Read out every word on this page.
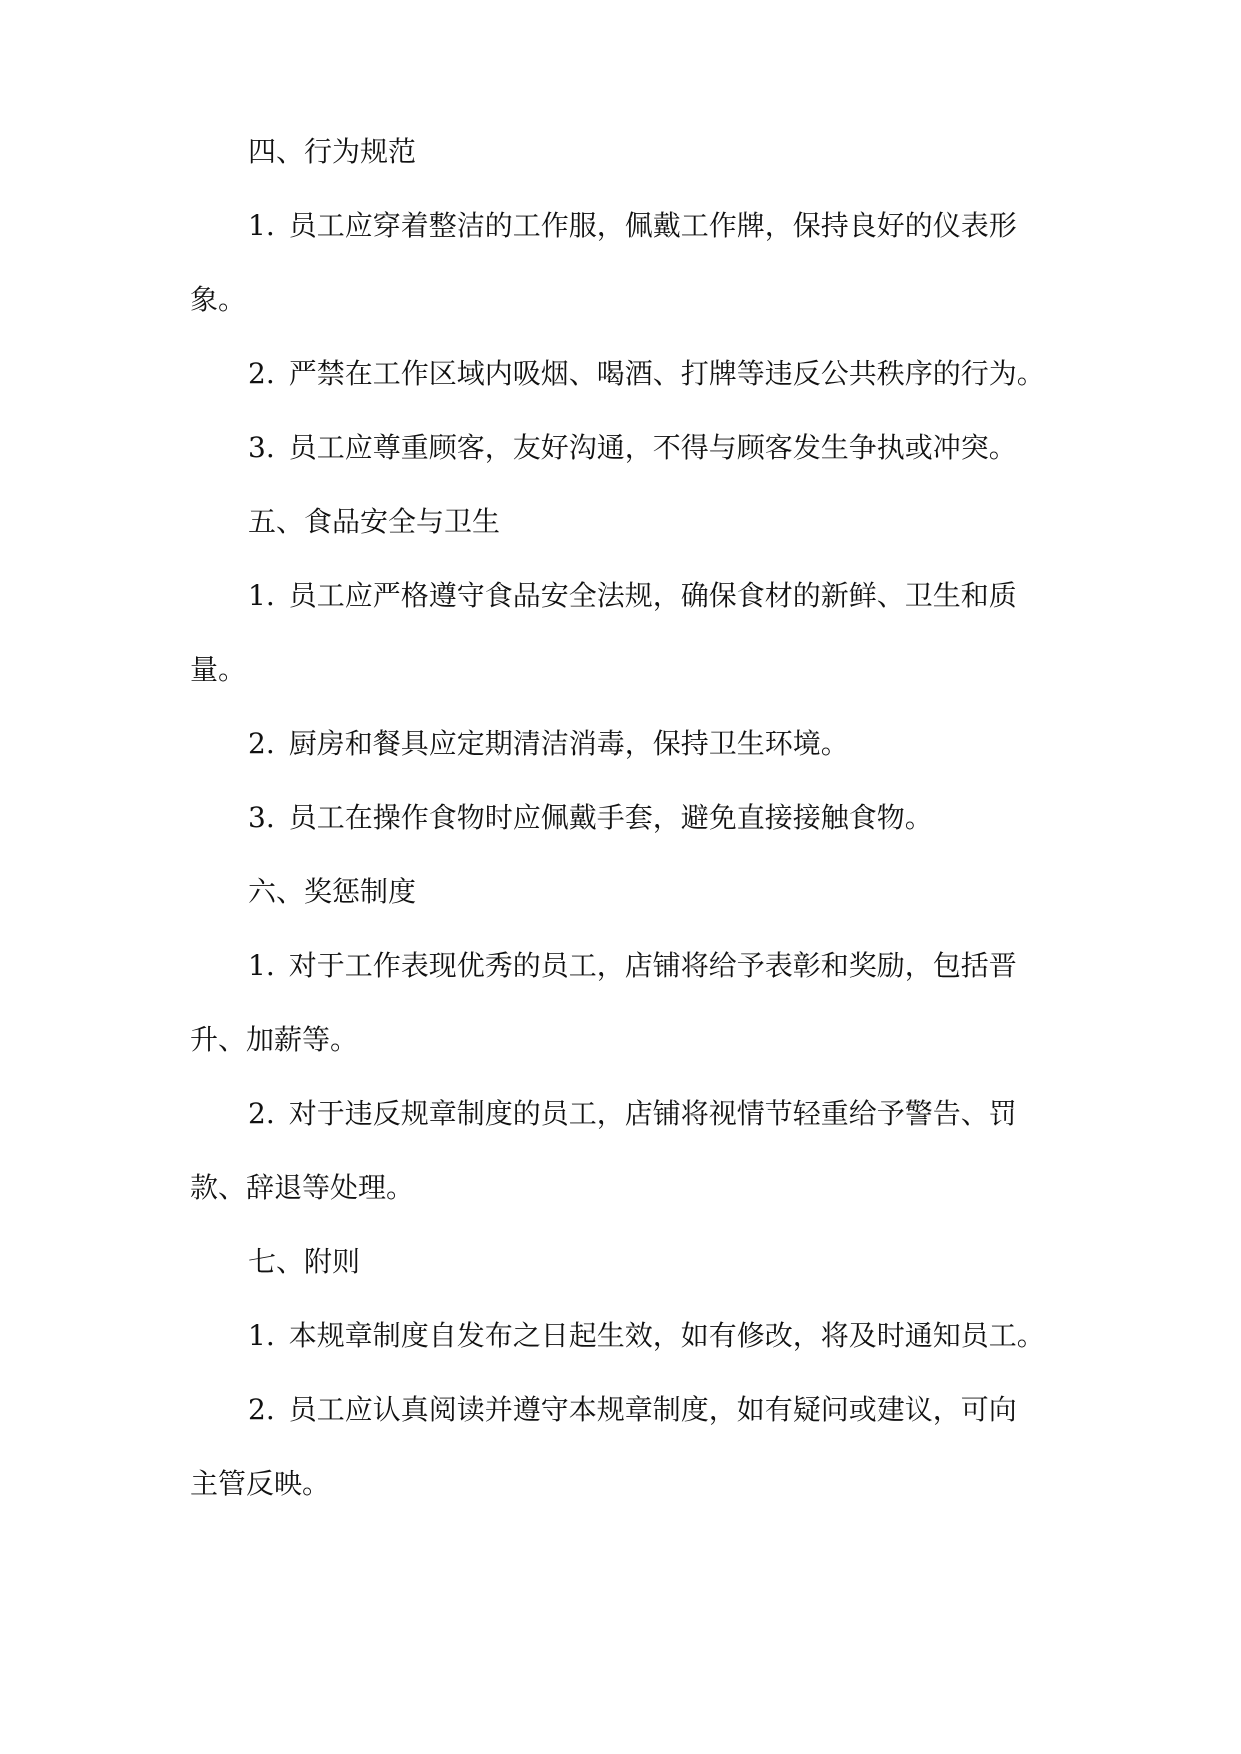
四、行为规范
1. 员工应穿着整洁的工作服，佩戴工作牌，保持良好的仪表形
象。
2. 严禁在工作区域内吸烟、喝酒、打牌等违反公共秩序的行为。
3. 员工应尊重顾客，友好沟通，不得与顾客发生争执或冲突。
五、食品安全与卫生
1. 员工应严格遵守食品安全法规，确保食材的新鲜、卫生和质
量。
2. 厨房和餐具应定期清洁消毒，保持卫生环境。
3. 员工在操作食物时应佩戴手套，避免直接接触食物。
六、奖惩制度
1. 对于工作表现优秀的员工，店铺将给予表彰和奖励，包括晋
升、加薪等。
2. 对于违反规章制度的员工，店铺将视情节轻重给予警告、罚
款、辞退等处理。
七、附则
1. 本规章制度自发布之日起生效，如有修改，将及时通知员工。
2. 员工应认真阅读并遵守本规章制度，如有疑问或建议，可向
主管反映。
